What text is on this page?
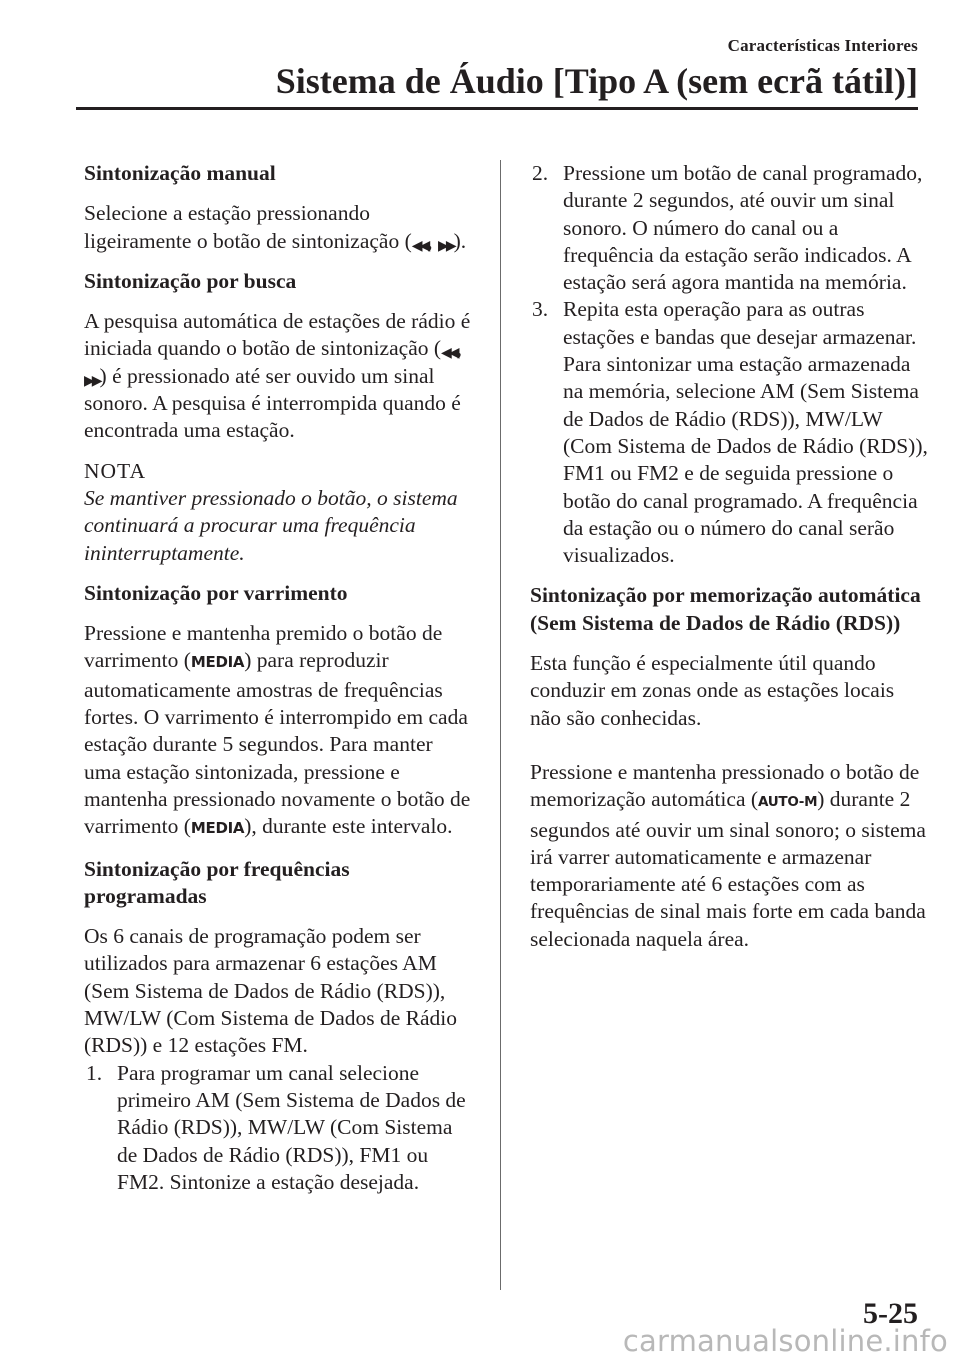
Características Interiores
Sistema de Áudio [Tipo A (sem ecrã tátil)]
Sintonização manual

Selecione a estação pressionando ligeiramente o botão de sintonização (◀◀, ▶▶).

Sintonização por busca

A pesquisa automática de estações de rádio é iniciada quando o botão de sintonização (◀◀, ▶▶) é pressionado até ser ouvido um sinal sonoro. A pesquisa é interrompida quando é encontrada uma estação.

NOTA
Se mantiver pressionado o botão, o sistema continuará a procurar uma frequência ininterruptamente.
Sintonização por varrimento

Pressione e mantenha premido o botão de varrimento (MEDIA) para reproduzir automaticamente amostras de frequências fortes. O varrimento é interrompido em cada estação durante 5 segundos. Para manter uma estação sintonizada, pressione e mantenha pressionado novamente o botão de varrimento (MEDIA), durante este intervalo.

Sintonização por frequências programadas

Os 6 canais de programação podem ser utilizados para armazenar 6 estações AM (Sem Sistema de Dados de Rádio (RDS)), MW/LW (Com Sistema de Dados de Rádio (RDS)) e 12 estações FM.

1. Para programar um canal selecione primeiro AM (Sem Sistema de Dados de Rádio (RDS)), MW/LW (Com Sistema de Dados de Rádio (RDS)), FM1 ou FM2. Sintonize a estação desejada.
2. Pressione um botão de canal programado, durante 2 segundos, até ouvir um sinal sonoro. O número do canal ou a frequência da estação serão indicados. A estação será agora mantida na memória.
3. Repita esta operação para as outras estações e bandas que desejar armazenar. Para sintonizar uma estação armazenada na memória, selecione AM (Sem Sistema de Dados de Rádio (RDS)), MW/LW (Com Sistema de Dados de Rádio (RDS)), FM1 ou FM2 e de seguida pressione o botão do canal programado. A frequência da estação ou o número do canal serão visualizados.
Sintonização por memorização automática (Sem Sistema de Dados de Rádio (RDS))

Esta função é especialmente útil quando conduzir em zonas onde as estações locais não são conhecidas.

Pressione e mantenha pressionado o botão de memorização automática (AUTO-M) durante 2 segundos até ouvir um sinal sonoro; o sistema irá varrer automaticamente e armazenar temporariamente até 6 estações com as frequências de sinal mais forte em cada banda selecionada naquela área.

5-25
carmanualsonline.info
